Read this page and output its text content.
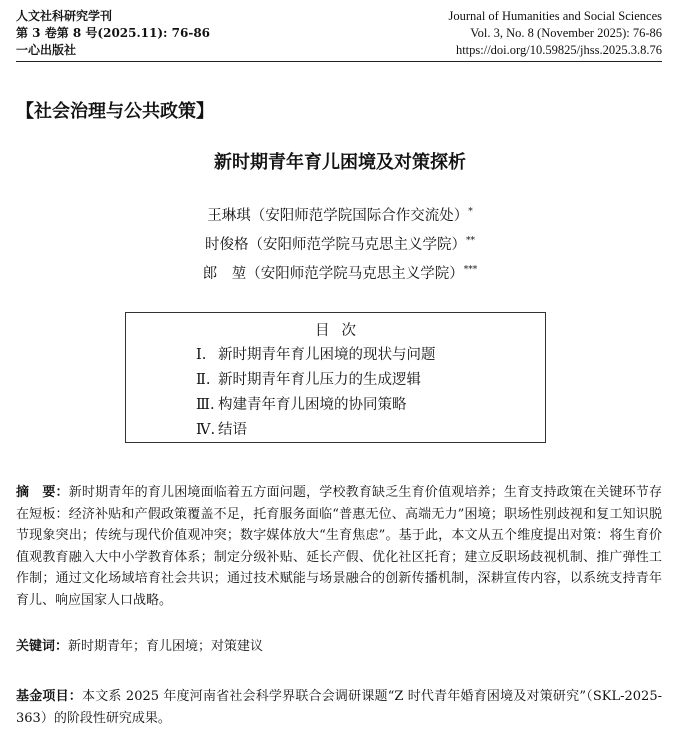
人文社科研究学刊
第 3 卷第 8 号(2025.11): 76-86
一心出版社
Journal of Humanities and Social Sciences
Vol. 3, No. 8 (November 2025): 76-86
https://doi.org/10.59825/jhss.2025.3.8.76
【社会治理与公共政策】
新时期青年育儿困境及对策探析
王琳琪（安阳师范学院国际合作交流处）*
时俊格（安阳师范学院马克思主义学院）**
郎　堃（安阳师范学院马克思主义学院）***
目次
Ⅰ. 新时期青年育儿困境的现状与问题
Ⅱ. 新时期青年育儿压力的生成逻辑
Ⅲ. 构建青年育儿困境的协同策略
Ⅳ. 结语
摘　要：新时期青年的育儿困境面临着五方面问题，学校教育缺乏生育价值观培养；生育支持政策在关键环节存在短板：经济补贴和产假政策覆盖不足，托育服务面临“普惠无位、高端无力”困境；职场性别歧视和复工知识脱节现象突出；传统与现代价值观冲突；数字媒体放大“生育焦虑”。基于此，本文从五个维度提出对策：将生育价值观教育融入大中小学教育体系；制定分级补贴、延长产假、优化社区托育；建立反职场歧视机制、推广弹性工作制；通过文化场域培育社会共识；通过技术赋能与场景融合的创新传播机制，深耕宣传内容，以系统支持青年育儿、响应国家人口战略。
关键词：新时期青年；育儿困境；对策建议
基金项目：本文系 2025 年度河南省社会科学界联合会调研课题“Z 时代青年婚育困境及对策研究”（SKL-2025-363）的阶段性研究成果。
